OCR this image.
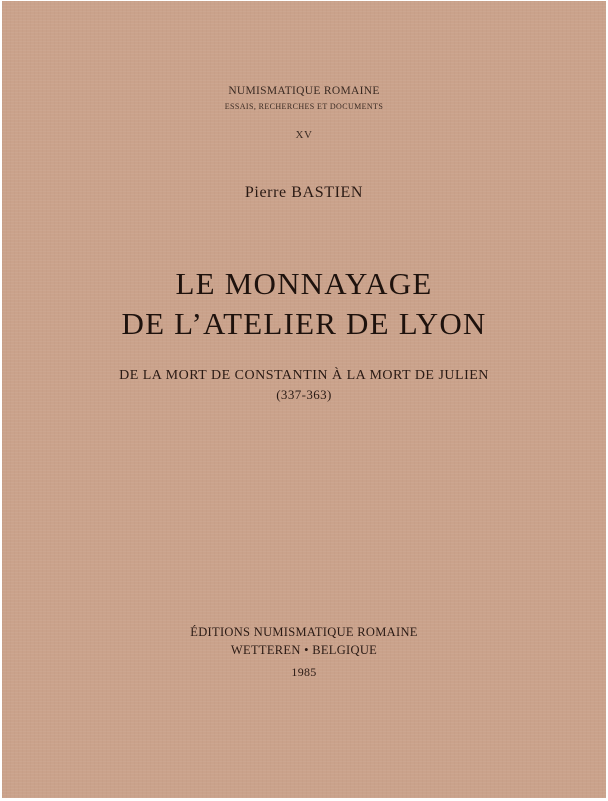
NUMISMATIQUE ROMAINE
ESSAIS, RECHERCHES ET DOCUMENTS
XV
Pierre BASTIEN
LE MONNAYAGE
DE L’ATELIER DE LYON
DE LA MORT DE CONSTANTIN À LA MORT DE JULIEN
(337-363)
ÉDITIONS NUMISMATIQUE ROMAINE
WETTEREN • BELGIQUE
1985
